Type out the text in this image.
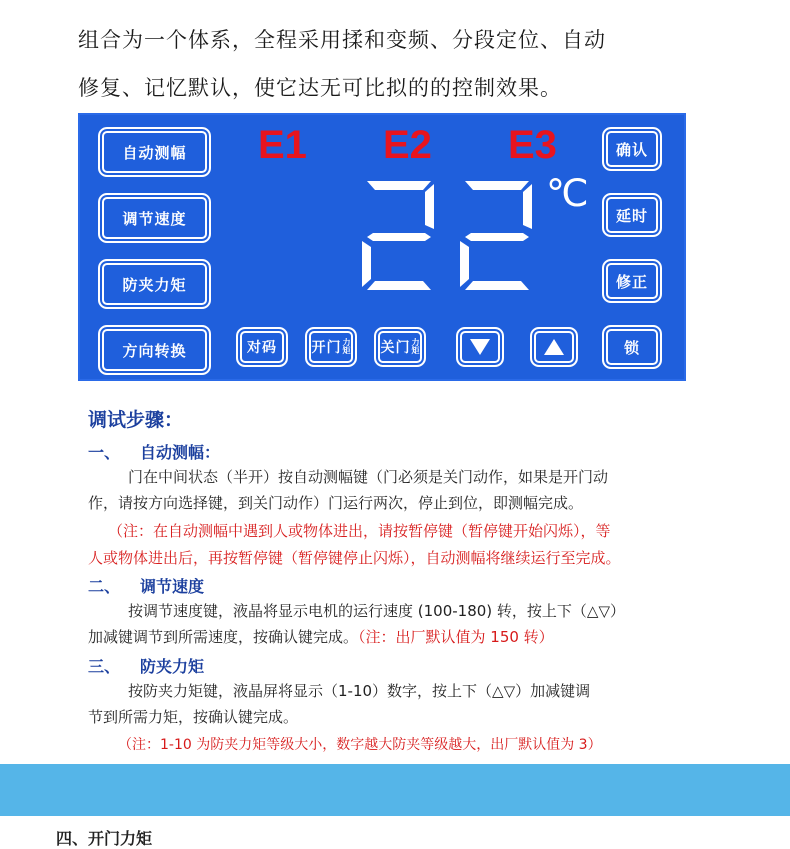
组合为一个体系，全程采用揉和变频、分段定位、自动
修复、记忆默认，使它达无可比拟的的控制效果。
自动测幅
调节速度
防夹力矩
方向转换
E1 E2 E3
℃
确认
延时
修正
锁
对码 开门 力矩 关门 力矩
调试步骤：
一、 自动测幅：
门在中间状态（半开）按自动测幅键（门必须是关门动作，如果是开门动
作，请按方向选择键，到关门动作）门运行两次，停止到位，即测幅完成。
（注：在自动测幅中遇到人或物体进出，请按暂停键（暂停键开始闪烁），等
人或物体进出后，再按暂停键（暂停键停止闪烁），自动测幅将继续运行至完成。
二、 调节速度
按调节速度键，液晶将显示电机的运行速度 (100-180) 转，按上下（△▽）
加减键调节到所需速度，按确认键完成。（注：出厂默认值为 150 转）
三、 防夹力矩
按防夹力矩键，液晶屏将显示（1-10）数字，按上下（△▽）加减键调
节到所需力矩，按确认键完成。
（注：1-10 为防夹力矩等级大小，数字越大防夹等级越大，出厂默认值为 3）
四、开门力矩
